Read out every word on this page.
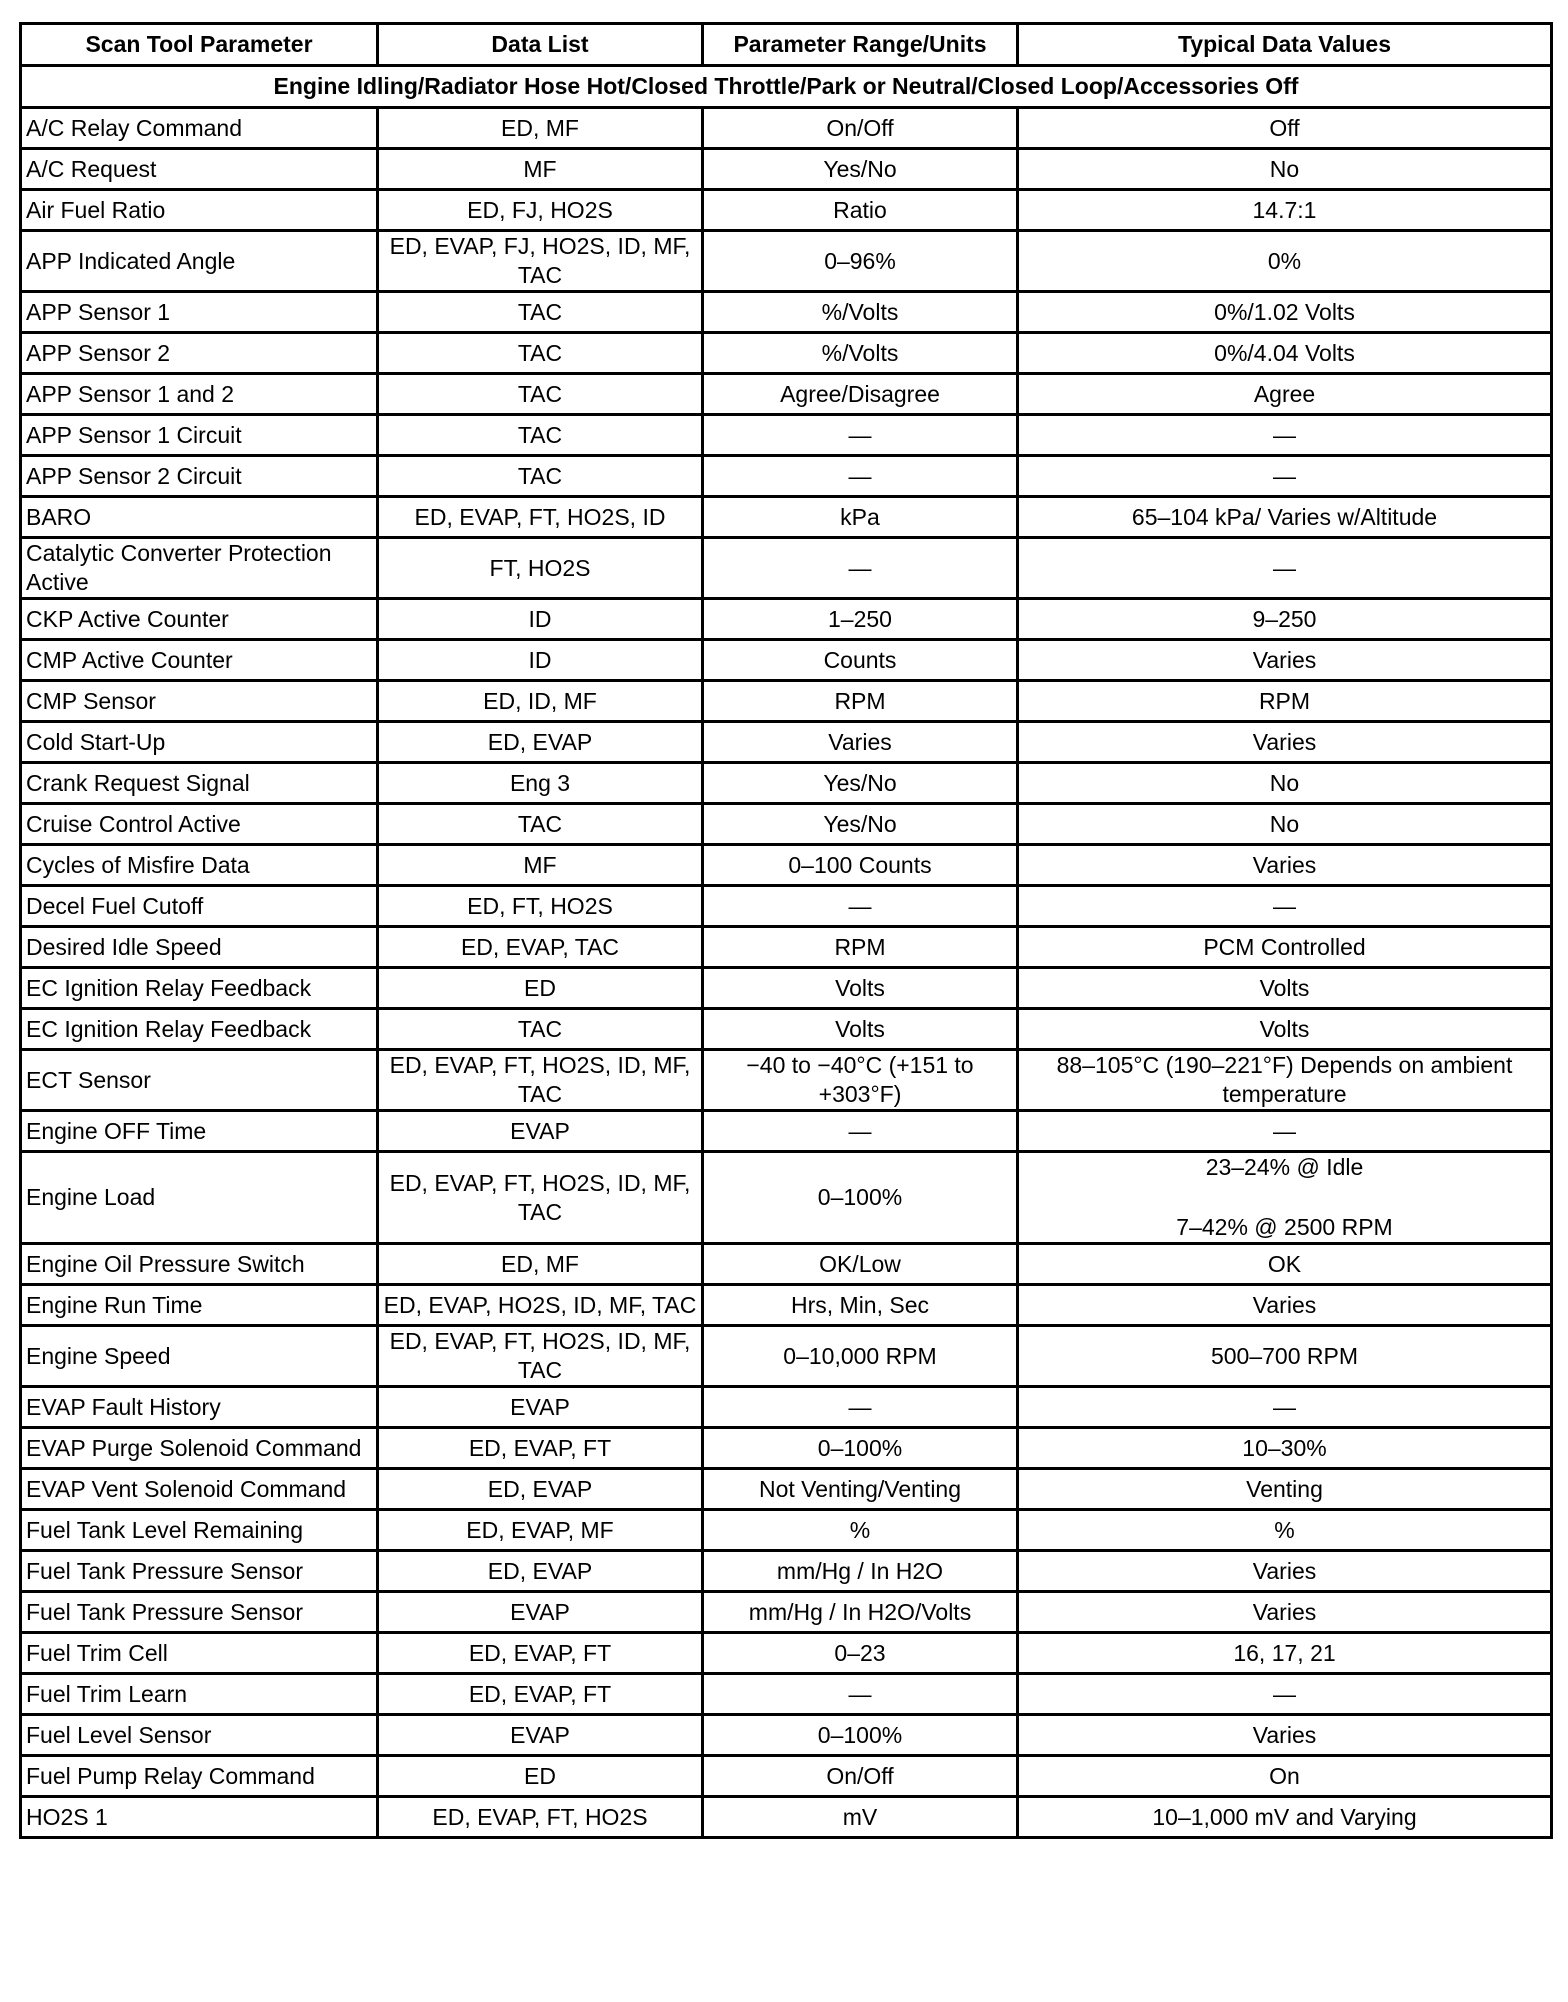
Scan Tool Parameter	Data List	Parameter Range/Units	Typical Data Values
Engine Idling/Radiator Hose Hot/Closed Throttle/Park or Neutral/Closed Loop/Accessories Off			
A/C Relay Command	ED, MF	On/Off	Off
A/C Request	MF	Yes/No	No
Air Fuel Ratio	ED, FJ, HO2S	Ratio	14.7:1
APP Indicated Angle	ED, EVAP, FJ, HO2S, ID, MF, TAC	0–96%	0%
APP Sensor 1	TAC	%/Volts	0%/1.02 Volts
APP Sensor 2	TAC	%/Volts	0%/4.04 Volts
APP Sensor 1 and 2	TAC	Agree/Disagree	Agree
APP Sensor 1 Circuit	TAC	—	—
APP Sensor 2 Circuit	TAC	—	—
BARO	ED, EVAP, FT, HO2S, ID	kPa	65–104 kPa/ Varies w/Altitude
Catalytic Converter Protection Active	FT, HO2S	—	—
CKP Active Counter	ID	1–250	9–250
CMP Active Counter	ID	Counts	Varies
CMP Sensor	ED, ID, MF	RPM	RPM
Cold Start-Up	ED, EVAP	Varies	Varies
Crank Request Signal	Eng 3	Yes/No	No
Cruise Control Active	TAC	Yes/No	No
Cycles of Misfire Data	MF	0–100 Counts	Varies
Decel Fuel Cutoff	ED, FT, HO2S	—	—
Desired Idle Speed	ED, EVAP, TAC	RPM	PCM Controlled
EC Ignition Relay Feedback	ED	Volts	Volts
EC Ignition Relay Feedback	TAC	Volts	Volts
ECT Sensor	ED, EVAP, FT, HO2S, ID, MF, TAC	−40 to −40°C (+151 to +303°F)	88–105°C (190–221°F) Depends on ambient temperature
Engine OFF Time	EVAP	—	—
Engine Load	ED, EVAP, FT, HO2S, ID, MF, TAC	0–100%	23–24% @ Idle
7–42% @ 2500 RPM

Engine Oil Pressure Switch	ED, MF	OK/Low	OK
Engine Run Time	ED, EVAP, HO2S, ID, MF, TAC	Hrs, Min, Sec	Varies
Engine Speed	ED, EVAP, FT, HO2S, ID, MF, TAC	0–10,000 RPM	500–700 RPM
EVAP Fault History	EVAP	—	—
EVAP Purge Solenoid Command	ED, EVAP, FT	0–100%	10–30%
EVAP Vent Solenoid Command	ED, EVAP	Not Venting/Venting	Venting
Fuel Tank Level Remaining	ED, EVAP, MF	%	%
Fuel Tank Pressure Sensor	ED, EVAP	mm/Hg / In H2O	Varies
Fuel Tank Pressure Sensor	EVAP	mm/Hg / In H2O/Volts	Varies
Fuel Trim Cell	ED, EVAP, FT	0–23	16, 17, 21
Fuel Trim Learn	ED, EVAP, FT	—	—
Fuel Level Sensor	EVAP	0–100%	Varies
Fuel Pump Relay Command	ED	On/Off	On
HO2S 1	ED, EVAP, FT, HO2S	mV	10–1,000 mV and Varying
